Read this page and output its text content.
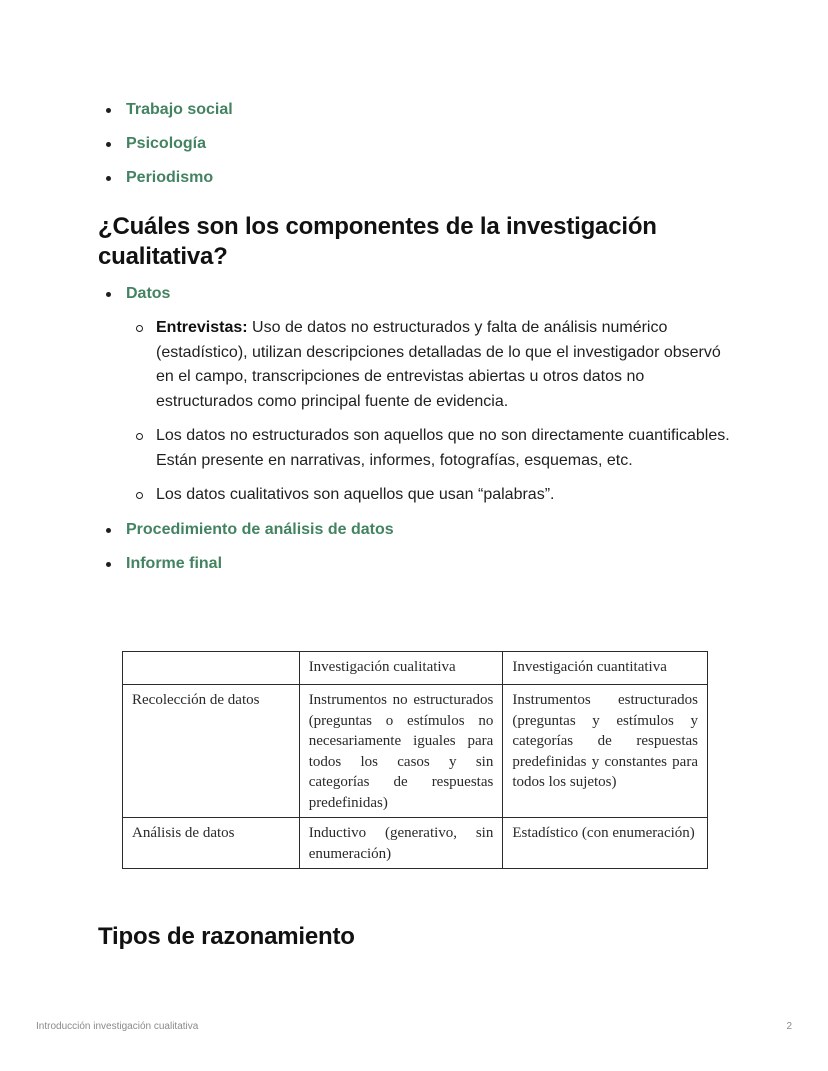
Trabajo social
Psicología
Periodismo
¿Cuáles son los componentes de la investigación cualitativa?
Datos
Entrevistas: Uso de datos no estructurados y falta de análisis numérico (estadístico), utilizan descripciones detalladas de lo que el investigador observó en el campo, transcripciones de entrevistas abiertas u otros datos no estructurados como principal fuente de evidencia.
Los datos no estructurados son aquellos que no son directamente cuantificables. Están presente en narrativas, informes, fotografías, esquemas, etc.
Los datos cualitativos son aquellos que usan “palabras”.
Procedimiento de análisis de datos
Informe final
	Investigación cualitativa	Investigación cuantitativa
Recolección de datos	Instrumentos no estructurados (preguntas o estímulos no necesariamente iguales para todos los casos y sin categorías de respuestas predefinidas)	Instrumentos estructurados (preguntas y estímulos y categorías de respuestas predefinidas y constantes para todos los sujetos)
Análisis de datos	Inductivo (generativo, sin enumeración)	Estadístico (con enumeración)
Tipos de razonamiento
Introducción investigación cualitativa	2
